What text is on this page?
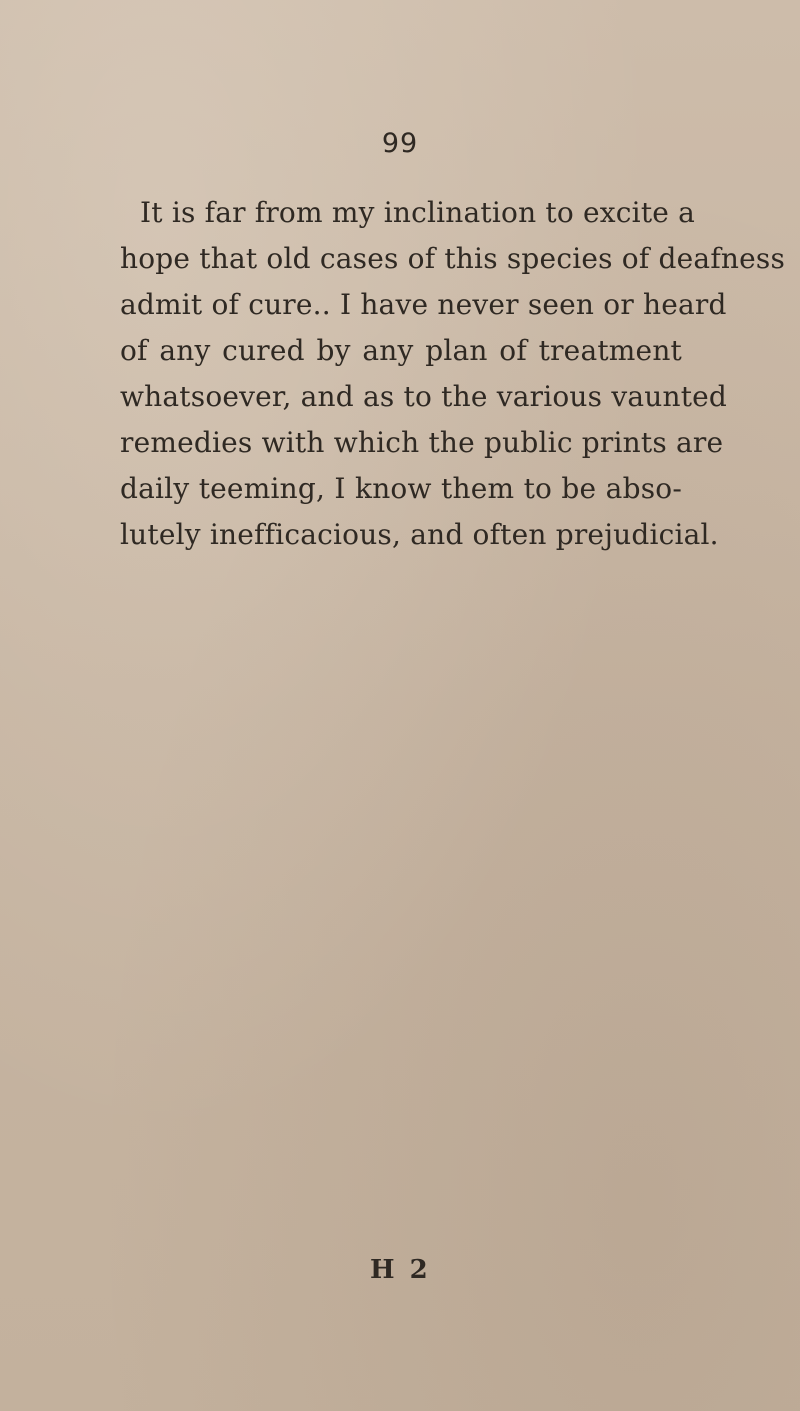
99
It is far from my inclination to excite a
hope that old cases of this species of deafness
admit of cure.. I have never seen or heard
of any cured by any plan of treatment
whatsoever, and as to the various vaunted
remedies with which the public prints are
daily teeming, I know them to be abso-
lutely inefficacious, and often prejudicial.
H 2
